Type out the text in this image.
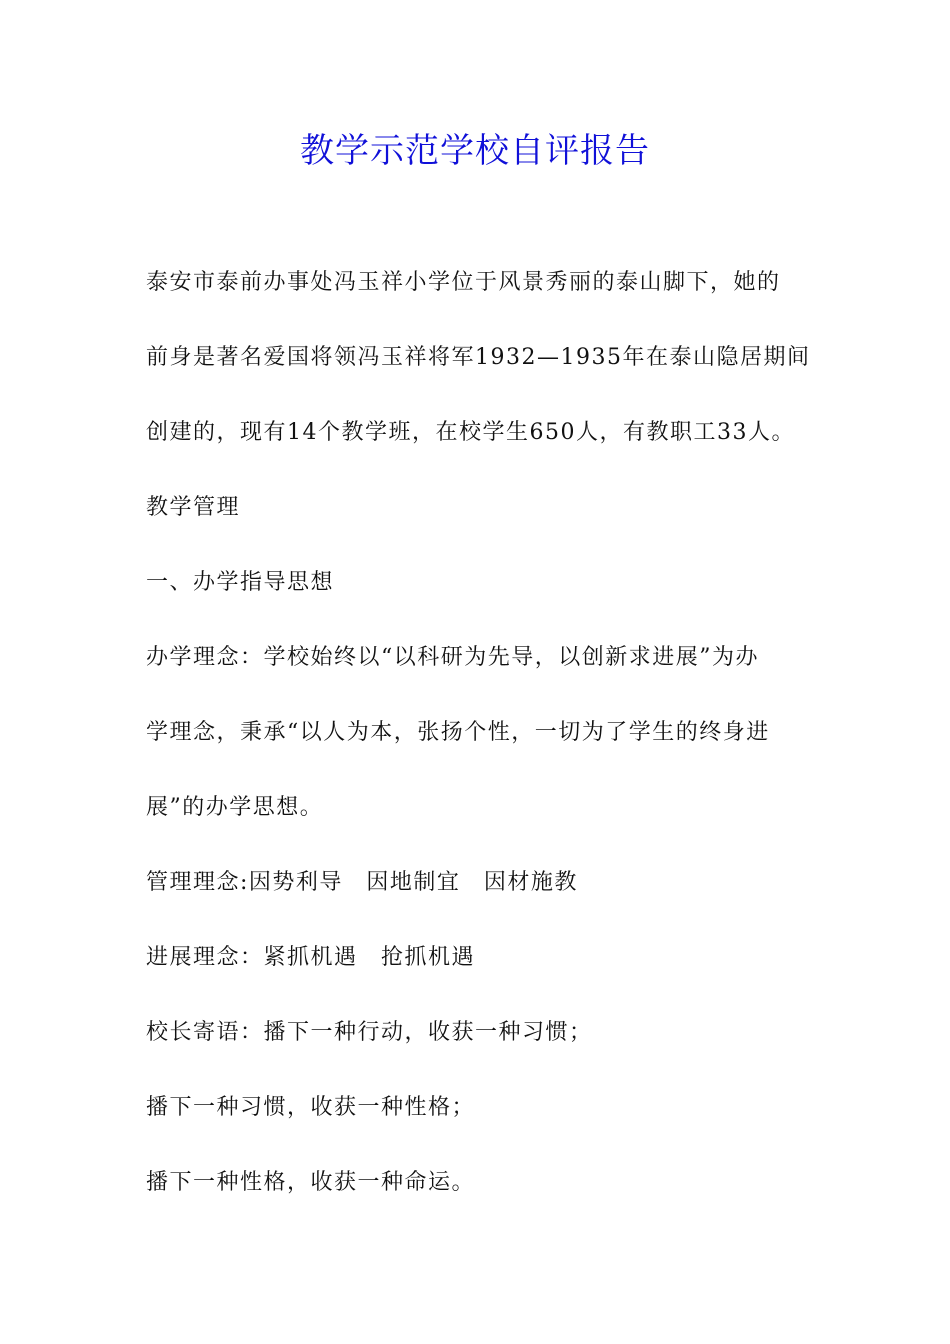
教学示范学校自评报告

泰安市泰前办事处冯玉祥小学位于风景秀丽的泰山脚下，她的

前身是著名爱国将领冯玉祥将军1932—1935年在泰山隐居期间

创建的，现有14个教学班，在校学生650人，有教职工33人。

教学管理

一、办学指导思想

办学理念：学校始终以“以科研为先导，以创新求进展”为办

学理念，秉承“以人为本，张扬个性，一切为了学生的终身进

展”的办学思想。

管理理念:因势利导　因地制宜　因材施教

进展理念：紧抓机遇　抢抓机遇

校长寄语：播下一种行动，收获一种习惯；

播下一种习惯，收获一种性格；

播下一种性格，收获一种命运。
